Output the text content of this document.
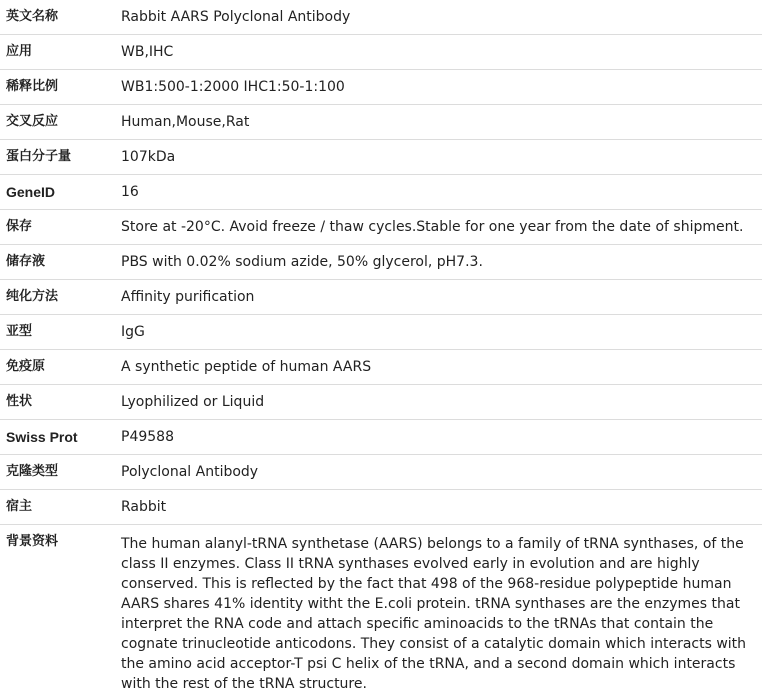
英文名称	Rabbit AARS Polyclonal Antibody
应用	WB,IHC
稀释比例	WB1:500-1:2000 IHC1:50-1:100
交叉反应	Human,Mouse,Rat
蛋白分子量	107kDa
GeneID	16
保存	Store at -20°C. Avoid freeze / thaw cycles.Stable for one year from the date of shipment.
储存液	PBS with 0.02% sodium azide, 50% glycerol, pH7.3.
纯化方法	Affinity purification
亚型	IgG
免疫原	A synthetic peptide of human AARS
性状	Lyophilized or Liquid
Swiss Prot	P49588
克隆类型	Polyclonal Antibody
宿主	Rabbit
背景资料	The human alanyl-tRNA synthetase (AARS) belongs to a family of tRNA synthases, of the class II enzymes. Class II tRNA synthases evolved early in evolution and are highly conserved. This is reflected by the fact that 498 of the 968-residue polypeptide human AARS shares 41% identity witht the E.coli protein. tRNA synthases are the enzymes that interpret the RNA code and attach specific aminoacids to the tRNAs that contain the cognate trinucleotide anticodons. They consist of a catalytic domain which interacts with the amino acid acceptor-T psi C helix of the tRNA, and a second domain which interacts with the rest of the tRNA structure.
